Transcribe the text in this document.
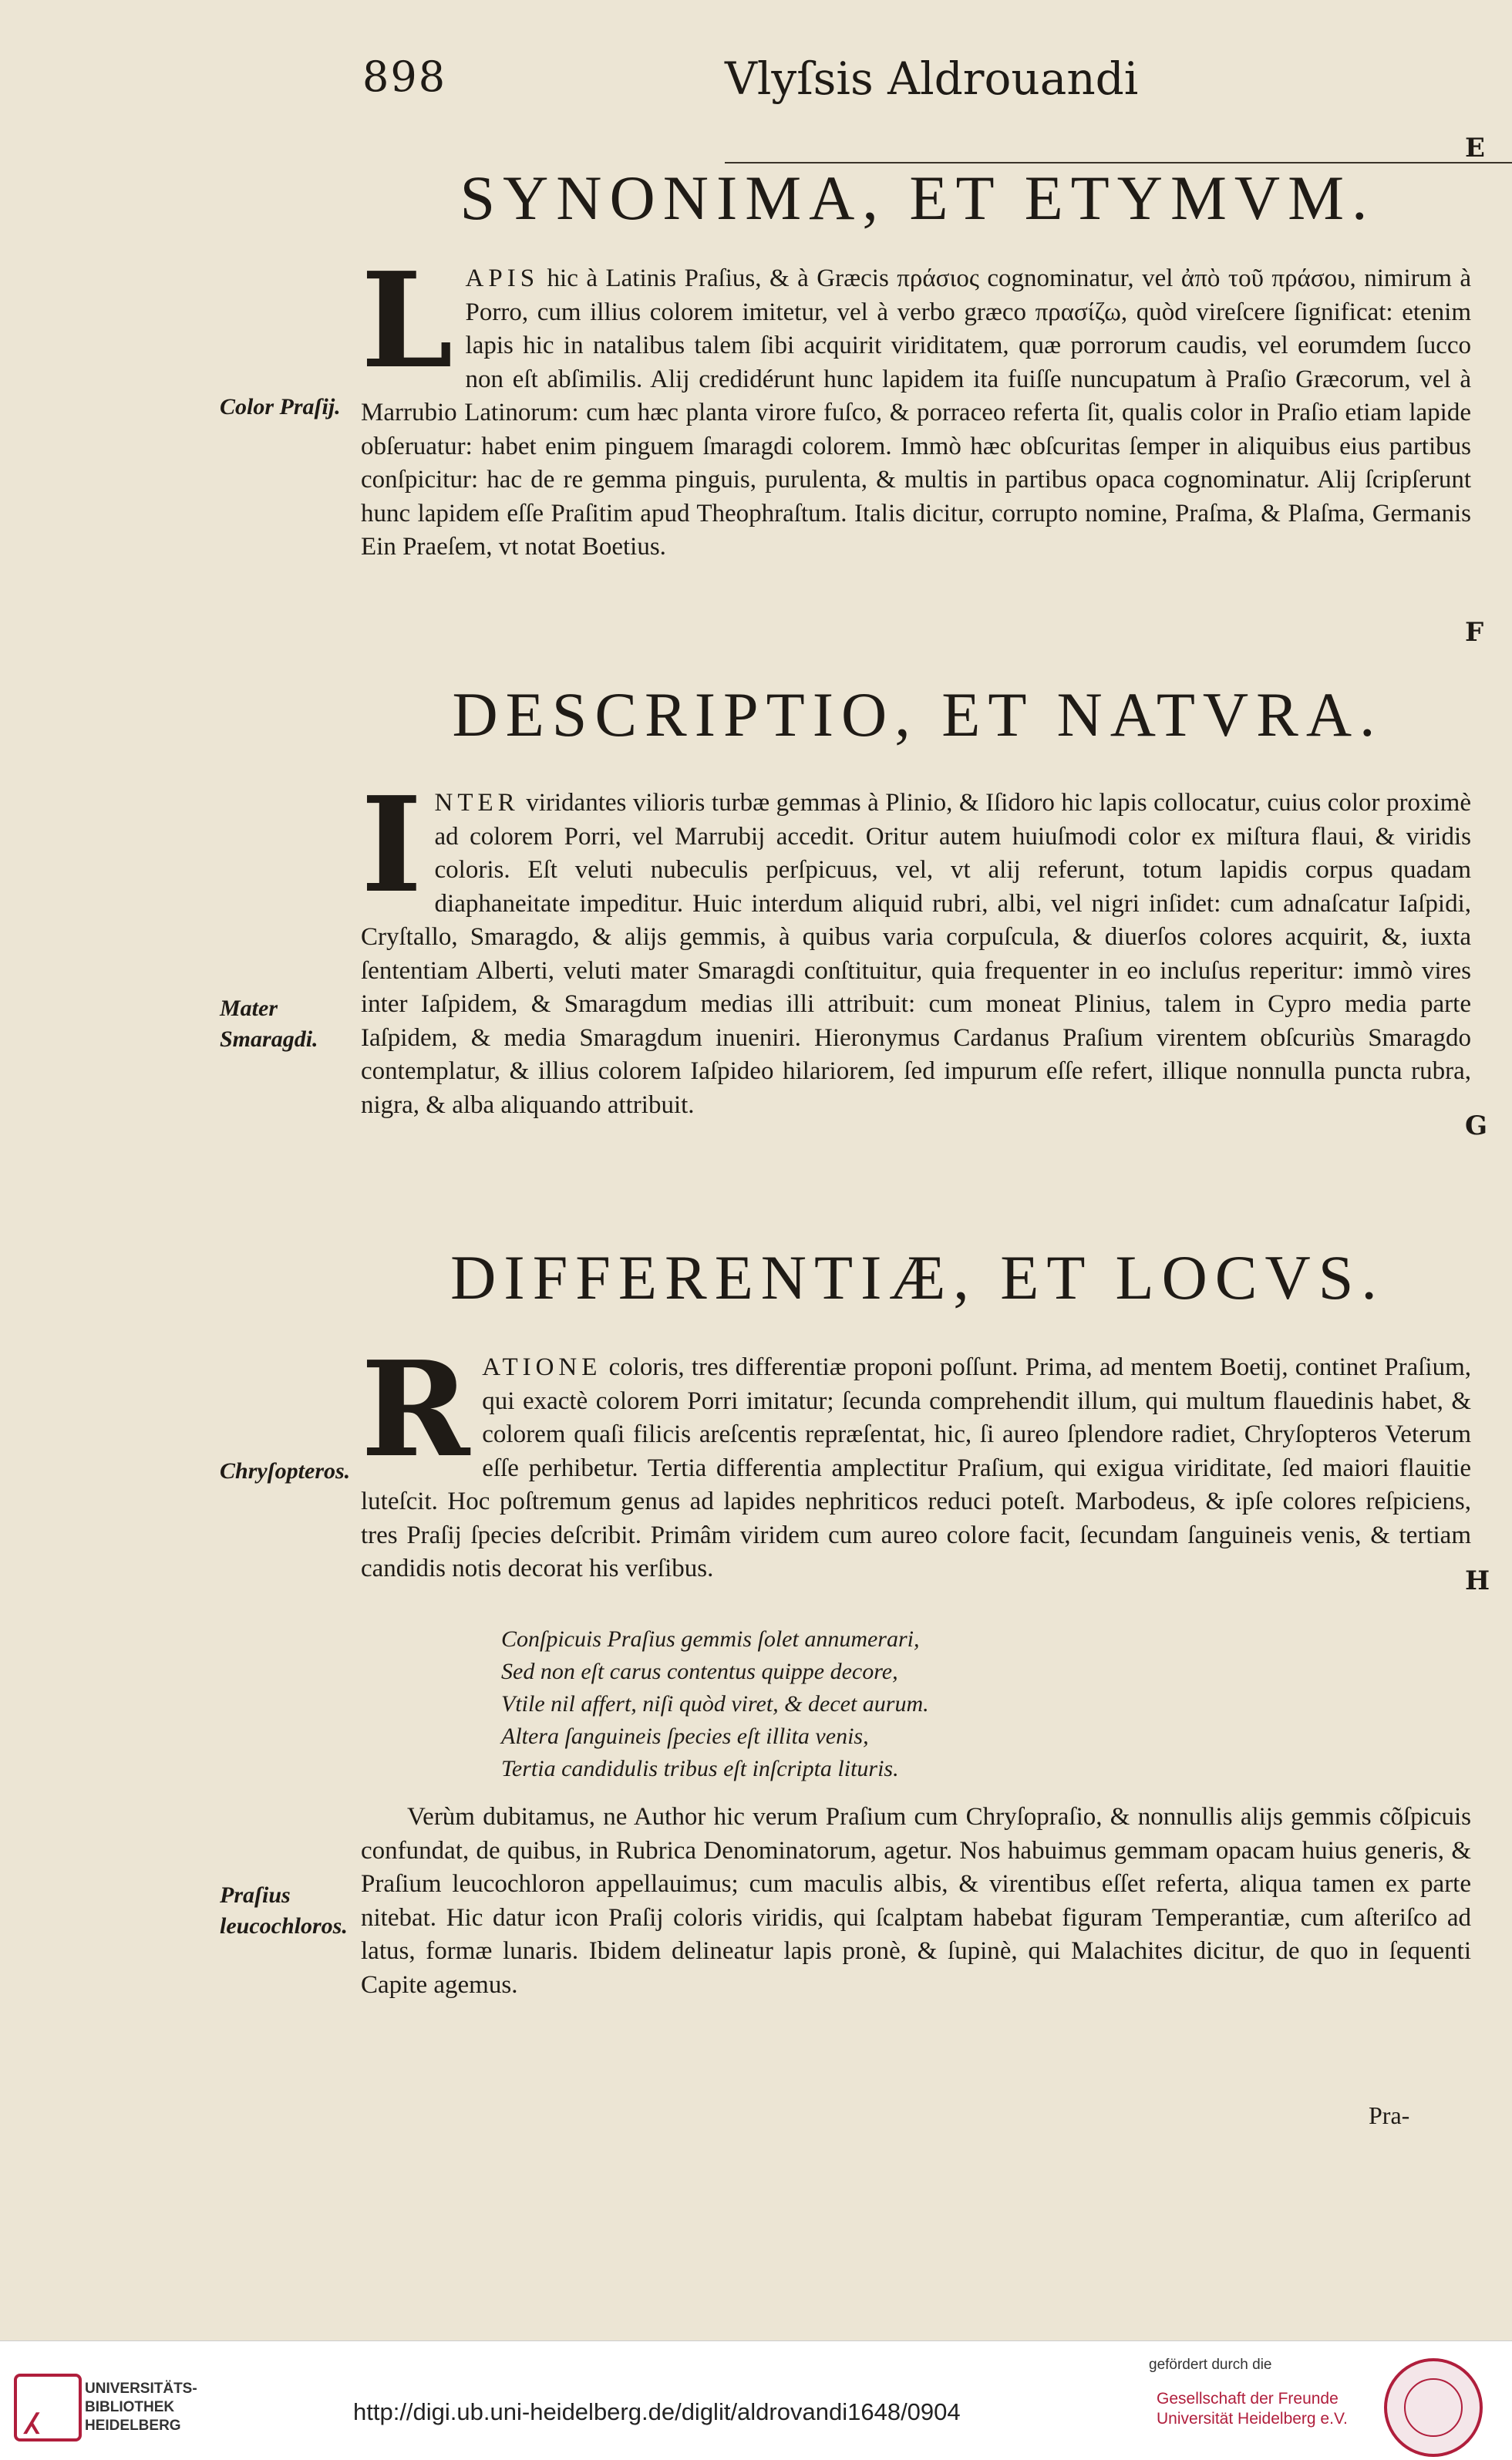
898	Vlyſsis Aldrouandi
E
F
G
H
SYNONIMA, ET ETYMVM.
LAPIS hic à Latinis Praſius, & à Græcis πράσιος cognominatur, vel ἀπὸ τοῦ πράσου, nimirum à Porro, cum illius colorem imitetur, vel à verbo græco πρασίζω, quòd vireſcere ſignificat: etenim lapis hic in natalibus talem ſibi acquirit viriditatem, quæ porrorum caudis, vel eorumdem ſucco non eſt abſimilis. Alij credidérunt hunc lapidem ita fuiſſe nuncupatum à Praſio Græcorum, vel à Marrubio Latinorum: cum hæc planta virore fuſco, & porraceo referta ſit, qualis color in Praſio etiam lapide obſeruatur: habet enim pinguem ſmaragdi colorem. Immò hæc obſcuritas ſemper in aliquibus eius partibus conſpicitur: hac de re gemma pinguis, purulenta, & multis in partibus opaca cognominatur. Alij ſcripſerunt hunc lapidem eſſe Praſitim apud Theophraſtum. Italis dicitur, corrupto nomine, Praſma, & Plaſma, Germanis Ein Praeſem, vt notat Boetius.
Color Praſij.
DESCRIPTIO, ET NATVRA.
INTER viridantes vilioris turbæ gemmas à Plinio, & Iſidoro hic lapis collocatur, cuius color proximè ad colorem Porri, vel Marrubij accedit. Oritur autem huiuſmodi color ex miſtura flaui, & viridis coloris. Eſt veluti nubeculis perſpicuus, vel, vt alij referunt, totum lapidis corpus quadam diaphaneitate impeditur. Huic interdum aliquid rubri, albi, vel nigri inſidet: cum adnaſcatur Iaſpidi, Cryſtallo, Smaragdo, & alijs gemmis, à quibus varia corpuſcula, & diuerſos colores acquirit, &, iuxta ſententiam Alberti, veluti mater Smaragdi conſtituitur, quia frequenter in eo incluſus reperitur: immò vires inter Iaſpidem, & Smaragdum medias illi attribuit: cum moneat Plinius, talem in Cypro media parte Iaſpidem, & media Smaragdum inueniri. Hieronymus Cardanus Praſium virentem obſcuriùs Smaragdo contemplatur, & illius colorem Iaſpideo hilariorem, ſed impurum eſſe refert, illique nonnulla puncta rubra, nigra, & alba aliquando attribuit.
Mater Smaragdi.
DIFFERENTIÆ, ET LOCVS.
RATIONE coloris, tres differentiæ proponi poſſunt. Prima, ad mentem Boetij, continet Praſium, qui exactè colorem Porri imitatur; ſecunda comprehendit illum, qui multum flauedinis habet, & colorem quaſi filicis areſcentis repræſentat, hic, ſi aureo ſplendore radiet, Chryſopteros Veterum eſſe perhibetur. Tertia differentia amplectitur Praſium, qui exigua viriditate, ſed maiori flauitie luteſcit. Hoc poſtremum genus ad lapides nephriticos reduci poteſt. Marbodeus, & ipſe colores reſpiciens, tres Praſij ſpecies deſcribit. Primâm viridem cum aureo colore facit, ſecundam ſanguineis venis, & tertiam candidis notis decorat his verſibus.
Chryſopteros.
Conſpicuis Praſius gemmis ſolet annumerari,
Sed non eſt carus contentus quippe decore,
Vtile nil affert, niſi quòd viret, & decet aurum.
Altera ſanguineis ſpecies eſt illita venis,
Tertia candidulis tribus eſt inſcripta lituris.
Verùm dubitamus, ne Author hic verum Praſium cum Chryſopraſio, & nonnullis alijs gemmis cõſpicuis confundat, de quibus, in Rubrica Denominatorum, agetur. Nos habuimus gemmam opacam huius generis, & Praſium leucochloron appellauimus; cum maculis albis, & virentibus eſſet referta, aliqua tamen ex parte nitebat. Hic datur icon Praſij coloris viridis, qui ſcalptam habebat figuram Temperantiæ, cum aſteriſco ad latus, formæ lunaris. Ibidem delineatur lapis pronè, & ſupinè, qui Malachites dicitur, de quo in ſequenti Capite agemus.
Praſius leucochloros.
Pra-
⁁	UNIVERSITÄTS-
BIBLIOTHEK
HEIDELBERG
http://digi.ub.uni-heidelberg.de/diglit/aldrovandi1648/0904
gefördert durch die
Gesellschaft der Freunde
Universität Heidelberg e.V.
